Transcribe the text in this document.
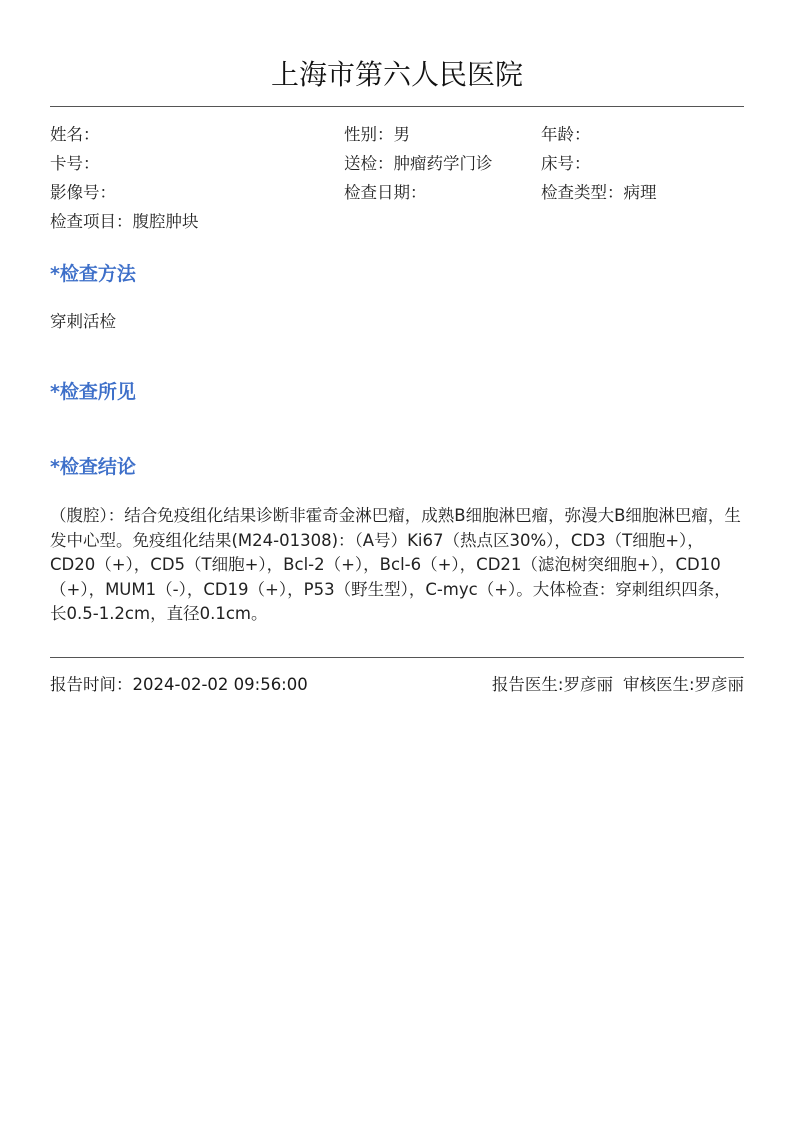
上海市第六人民医院
姓名：	性别：男	年龄：
卡号：	送检：肿瘤药学门诊	床号：
影像号：	检查日期：	检查类型：病理
检查项目：腹腔肿块
*检查方法
穿刺活检
*检查所见
*检查结论
（腹腔）：结合免疫组化结果诊断非霍奇金淋巴瘤，成熟B细胞淋巴瘤，弥漫大B细胞淋巴瘤，生发中心型。免疫组化结果(M24-01308)：（A号）Ki67（热点区30%），CD3（T细胞+），CD20（+），CD5（T细胞+），Bcl-2（+），Bcl-6（+），CD21（滤泡树突细胞+），CD10（+），MUM1（-），CD19（+），P53（野生型），C-myc（+）。大体检查：穿刺组织四条，长0.5-1.2cm，直径0.1cm。
报告时间：2024-02-02 09:56:00	报告医生:罗彦丽 审核医生:罗彦丽
